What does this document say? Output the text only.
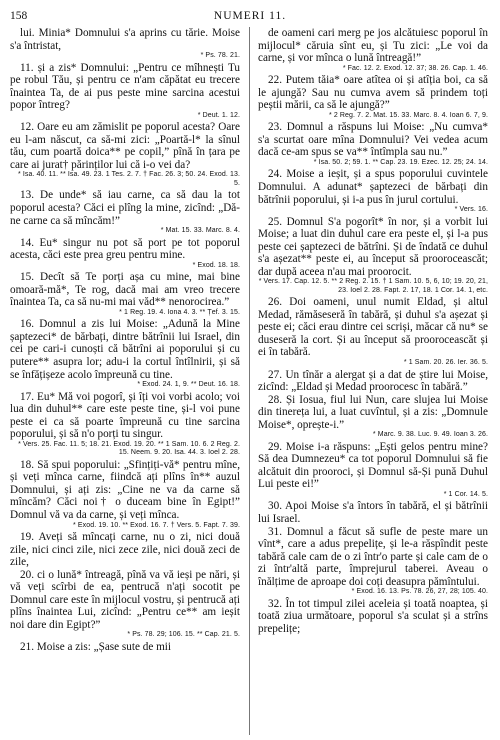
158	NUMERI 11.

lui. Minia* Domnului s'a aprins cu tărie. Moise s'a întristat,

* Ps. 78. 21.

11. și a zis* Domnului: „Pentru ce mîhnești Tu pe robul Tău, și pentru ce n'am căpătat eu trecere înaintea Ta, de ai pus peste mine sarcina acestui popor întreg?

* Deut. 1. 12.

12. Oare eu am zămislit pe poporul acesta? Oare eu l-am născut, ca să-mi zici: „Poartă-l* la sînul tău, cum poartă doica** pe copil,” pînă în țara pe care ai jurat† părinților lui că i-o vei da?

* Isa. 40. 11. ** Isa. 49. 23. 1 Tes. 2. 7. † Fac. 26. 3; 50. 24. Exod. 13. 5.

13. De unde* să iau carne, ca să dau la tot poporul acesta? Căci ei plîng la mine, zicînd: „Dă-ne carne ca să mîncăm!”

* Mat. 15. 33. Marc. 8. 4.

14. Eu* singur nu pot să port pe tot poporul acesta, căci este prea greu pentru mine.

* Exod. 18. 18.

15. Decît să Te porți așa cu mine, mai bine omoară-mă*, Te rog, dacă mai am vreo trecere înaintea Ta, ca să nu-mi mai văd** nenorocirea.”

* 1 Reg. 19. 4. Iona 4. 3. ** Țef. 3. 15.

16. Domnul a zis lui Moise: „Adună la Mine șaptezeci* de bărbați, dintre bătrînii lui Israel, din cei pe cari-i cunoști că bătrîni ai poporului și cu putere** asupra lor; adu-i la cortul întîlnirii, și să se înfățișeze acolo împreună cu tine.

* Exod. 24. 1, 9. ** Deut. 16. 18.

17. Eu* Mă voi pogorî, și îți voi vorbi acolo; voi lua din duhul** care este peste tine, și-l voi pune peste ei ca să poarte împreună cu tine sarcina poporului, și să n'o porți tu singur.

* Vers. 25. Fac. 11. 5; 18. 21. Exod. 19. 20. ** 1 Sam. 10. 6. 2 Reg. 2. 15. Neem. 9. 20. Isa. 44. 3. Ioel 2. 28.

18. Să spui poporului: „Sfințiți-vă* pentru mîne, și veți mînca carne, fiindcă ați plîns în** auzul Domnului, și ați zis: „Cine ne va da carne să mîncăm? Căci noi† o duceam bine în Egipt!” Domnul vă va da carne, și veți mînca.

* Exod. 19. 10. ** Exod. 16. 7. † Vers. 5. Fapt. 7. 39.

19. Aveți să mîncați carne, nu o zi, nici două zile, nici cinci zile, nici zece zile, nici două zeci de zile,

20. ci o lună* întreagă, pînă va vă ieși pe nări, și vă veți scîrbi de ea, pentrucă n'ați socotit pe Domnul care este în mijlocul vostru, și pentrucă ați plîns înaintea Lui, zicînd: „Pentru ce** am ieșit noi dare din Egipt?”

* Ps. 78. 29; 106. 15. ** Cap. 21. 5.

21. Moise a zis: „Șase sute de mii

de oameni cari merg pe jos alcătuiesc poporul în mijlocul* căruia sînt eu, și Tu zici: „Le voi da carne, și vor mînca o lună întreagă!”

* Fac. 12. 2. Exod. 12. 37; 38. 26. Cap. 1. 46.

22. Putem tăia* oare atîtea oi și atîția boi, ca să le ajungă? Sau nu cumva avem să prindem toți peștii mării, ca să le ajungă?”

* 2 Reg. 7. 2. Mat. 15. 33. Marc. 8. 4. Ioan 6. 7, 9.

23. Domnul a răspuns lui Moise: „Nu cumva* s'a scurtat oare mîna Domnului? Vei vedea acum dacă ce-am spus se va** întîmpla sau nu.”

* Isa. 50. 2; 59. 1. ** Cap. 23. 19. Ezec. 12. 25; 24. 14.

24. Moise a ieșit, și a spus poporului cuvintele Domnului. A adunat* șaptezeci de bărbați din bătrînii poporului, și i-a pus în jurul cortului.

* Vers. 16.

25. Domnul S'a pogorît* în nor, și a vorbit lui Moise; a luat din duhul care era peste el, și l-a pus peste cei șaptezeci de bătrîni. Și de îndată ce duhul s'a așezat** peste ei, au început să prooroceascăt; dar după aceea n'au mai proorocit.

* Vers. 17. Cap. 12. 5. ** 2 Reg. 2. 15. † 1 Sam. 10. 5, 6, 10; 19. 20, 21, 23. Ioel 2. 28. Fapt. 2. 17, 18. 1 Cor. 14. 1, etc.

26. Doi oameni, unul numit Eldad, și altul Medad, rămăseseră în tabără, și duhul s'a așezat și peste ei; căci erau dintre cei scriși, măcar că nu* se duseseră la cort. Și au început să prooroceascăt și ei în tabără.

* 1 Sam. 20. 26. Ier. 36. 5.

27. Un tînăr a alergat și a dat de știre lui Moise, zicînd: „Eldad și Medad proorocesc în tabără.”

28. Și Iosua, fiul lui Nun, care slujea lui Moise din tinereța lui, a luat cuvîntul, și a zis: „Domnule Moise*, oprește-i.”

* Marc. 9. 38. Luc. 9. 49. Ioan 3. 26.

29. Moise i-a răspuns: „Ești gelos pentru mine? Să dea Dumnezeu* ca tot poporul Domnului să fie alcătuit din prooroci, și Domnul să-Și pună Duhul Lui peste ei!”

* 1 Cor. 14. 5.

30. Apoi Moise s'a întors în tabără, el și bătrînii lui Israel.

31. Domnul a făcut să sufle de peste mare un vînt*, care a adus prepelițe, și le-a răspîndit peste tabără cale cam de o zi într'o parte și cale cam de o zi într'altă parte, împrejurul taberei. Aveau o înălțime de aproape doi coți deasupra pămîntului.

* Exod. 16. 13. Ps. 78. 26, 27, 28; 105. 40.

32. În tot timpul zilei aceleia și toată noaptea, și toată ziua următoare, poporul s'a sculat și a strîns prepelițe;
